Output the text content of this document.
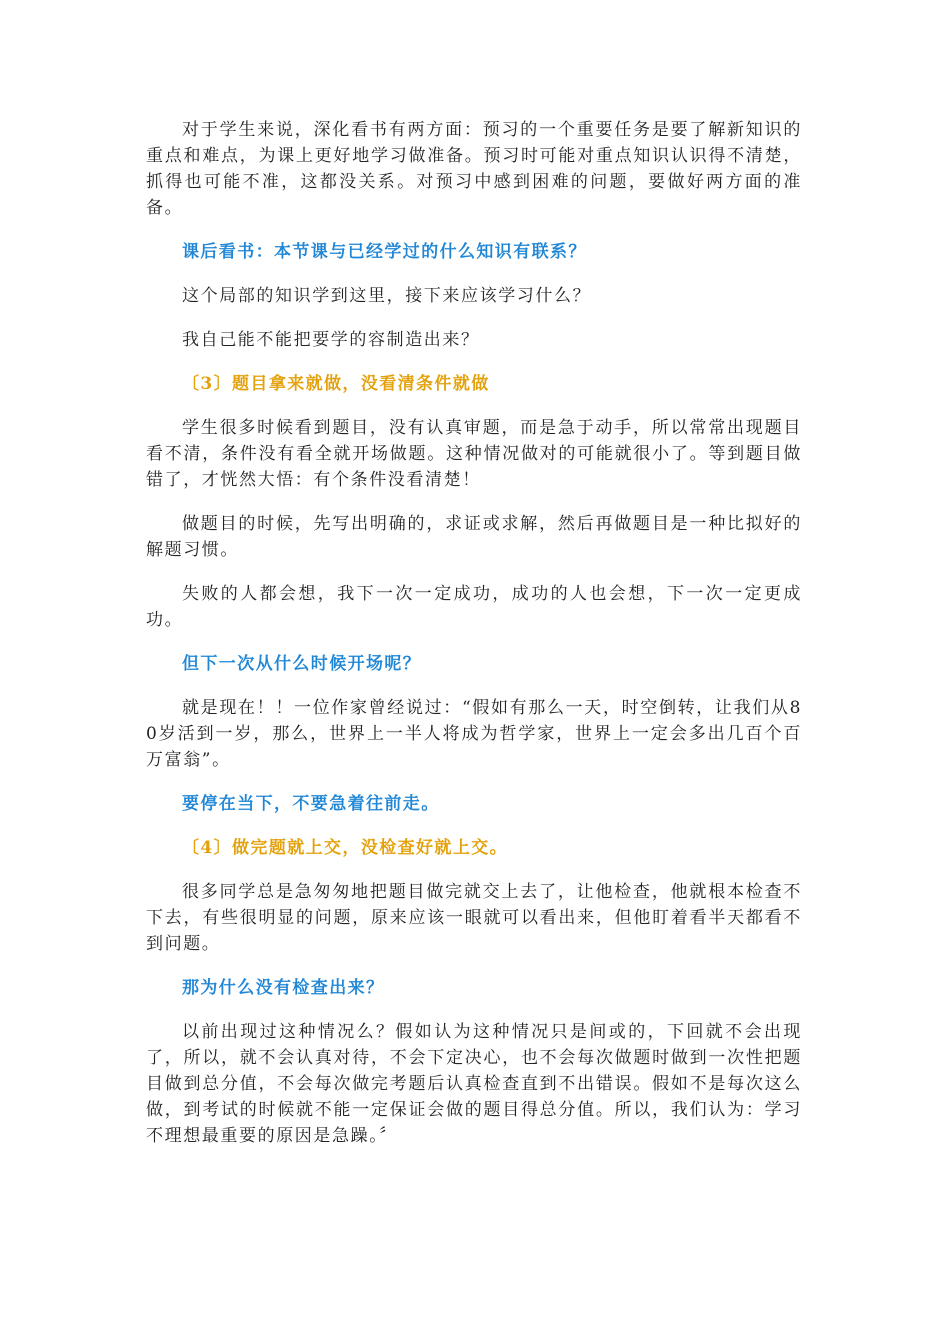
对于学生来说，深化看书有两方面：预习的一个重要任务是要了解新知识的重点和难点，为课上更好地学习做准备。预习时可能对重点知识认识得不清楚，抓得也可能不准，这都没关系。对预习中感到困难的问题，要做好两方面的准备。

课后看书：本节课与已经学过的什么知识有联系？

这个局部的知识学到这里，接下来应该学习什么？

我自己能不能把要学的容制造出来？

〔3〕题目拿来就做，没看清条件就做

学生很多时候看到题目，没有认真审题，而是急于动手，所以常常出现题目看不清，条件没有看全就开场做题。这种情况做对的可能就很小了。等到题目做错了，才恍然大悟：有个条件没看清楚！

做题目的时候，先写出明确的，求证或求解，然后再做题目是一种比拟好的解题习惯。

失败的人都会想，我下一次一定成功，成功的人也会想，下一次一定更成功。

但下一次从什么时候开场呢？

就是现在！！一位作家曾经说过：“假如有那么一天，时空倒转，让我们从80岁活到一岁，那么，世界上一半人将成为哲学家，世界上一定会多出几百个百万富翁”。

要停在当下，不要急着往前走。

〔4〕做完题就上交，没检查好就上交。

很多同学总是急匆匆地把题目做完就交上去了，让他检查，他就根本检查不下去，有些很明显的问题，原来应该一眼就可以看出来，但他盯着看半天都看不到问题。

那为什么没有检查出来？

以前出现过这种情况么？假如认为这种情况只是间或的，下回就不会出现了，所以，就不会认真对待，不会下定决心，也不会每次做题时做到一次性把题目做到总分值，不会每次做完考题后认真检查直到不出错误。假如不是每次这么做，到考试的时候就不能一定保证会做的题目得总分值。所以，我们认为：学习不理想最重要的原因是急躁。〞
